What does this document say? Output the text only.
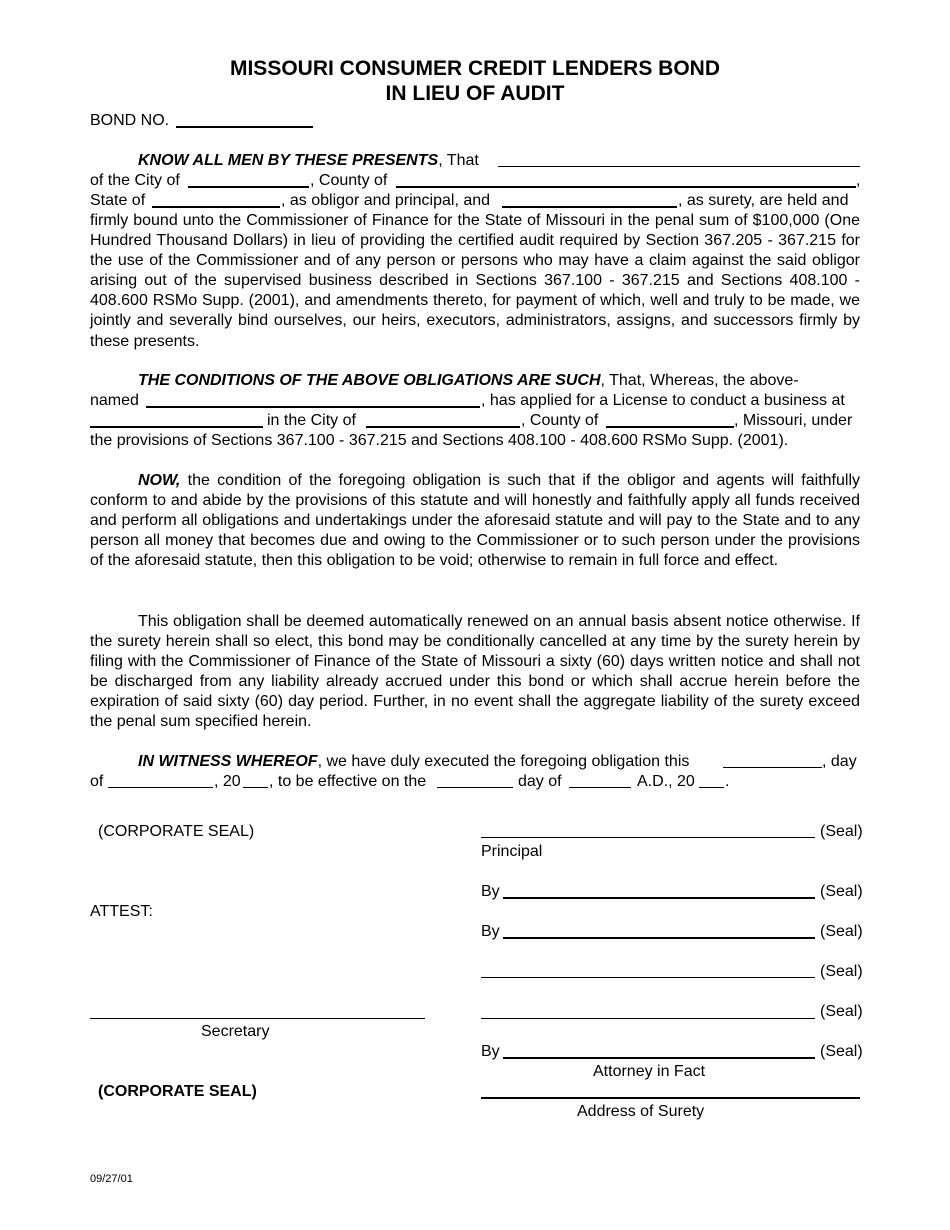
MISSOURI CONSUMER CREDIT LENDERS BOND
IN LIEU OF AUDIT
BOND NO.
KNOW ALL MEN BY THESE PRESENTS, That
of the City of	, County of	,
State of	, as obligor and principal, and	, as surety, are held and
firmly bound unto the Commissioner of Finance for the State of Missouri in the penal sum of $100,000 (One Hundred Thousand Dollars) in lieu of providing the certified audit required by Section 367.205 - 367.215 for the use of the Commissioner and of any person or persons who may have a claim against the said obligor arising out of the supervised business described in Sections 367.100 - 367.215 and Sections 408.100 - 408.600 RSMo Supp. (2001), and amendments thereto, for payment of which, well and truly to be made, we jointly and severally bind ourselves, our heirs, executors, administrators, assigns, and successors firmly by these presents.
THE CONDITIONS OF THE ABOVE OBLIGATIONS ARE SUCH, That, Whereas, the above-
named	, has applied for a License to conduct a business at
in the City of	, County of	, Missouri, under
the provisions of Sections 367.100 - 367.215 and Sections 408.100 - 408.600 RSMo Supp. (2001).
NOW, the condition of the foregoing obligation is such that if the obligor and agents will faithfully conform to and abide by the provisions of this statute and will honestly and faithfully apply all funds received and perform all obligations and undertakings under the aforesaid statute and will pay to the State and to any person all money that becomes due and owing to the Commissioner or to such person under the provisions of the aforesaid statute, then this obligation to be void; otherwise to remain in full force and effect.
This obligation shall be deemed automatically renewed on an annual basis absent notice otherwise. If the surety herein shall so elect, this bond may be conditionally cancelled at any time by the surety herein by filing with the Commissioner of Finance of the State of Missouri a sixty (60) days written notice and shall not be discharged from any liability already accrued under this bond or which shall accrue herein before the expiration of said sixty (60) day period. Further, in no event shall the aggregate liability of the surety exceed the penal sum specified herein.
IN WITNESS WHEREOF, we have duly executed the foregoing obligation this	, day
of	, 20 , to be effective on the	day of	A.D., 20 .
(CORPORATE SEAL)	(Seal)
Principal
By	(Seal)
ATTEST:
By	(Seal)
(Seal)
(Seal)
Secretary
By	(Seal)
Attorney in Fact
(CORPORATE SEAL)
Address of Surety
09/27/01
